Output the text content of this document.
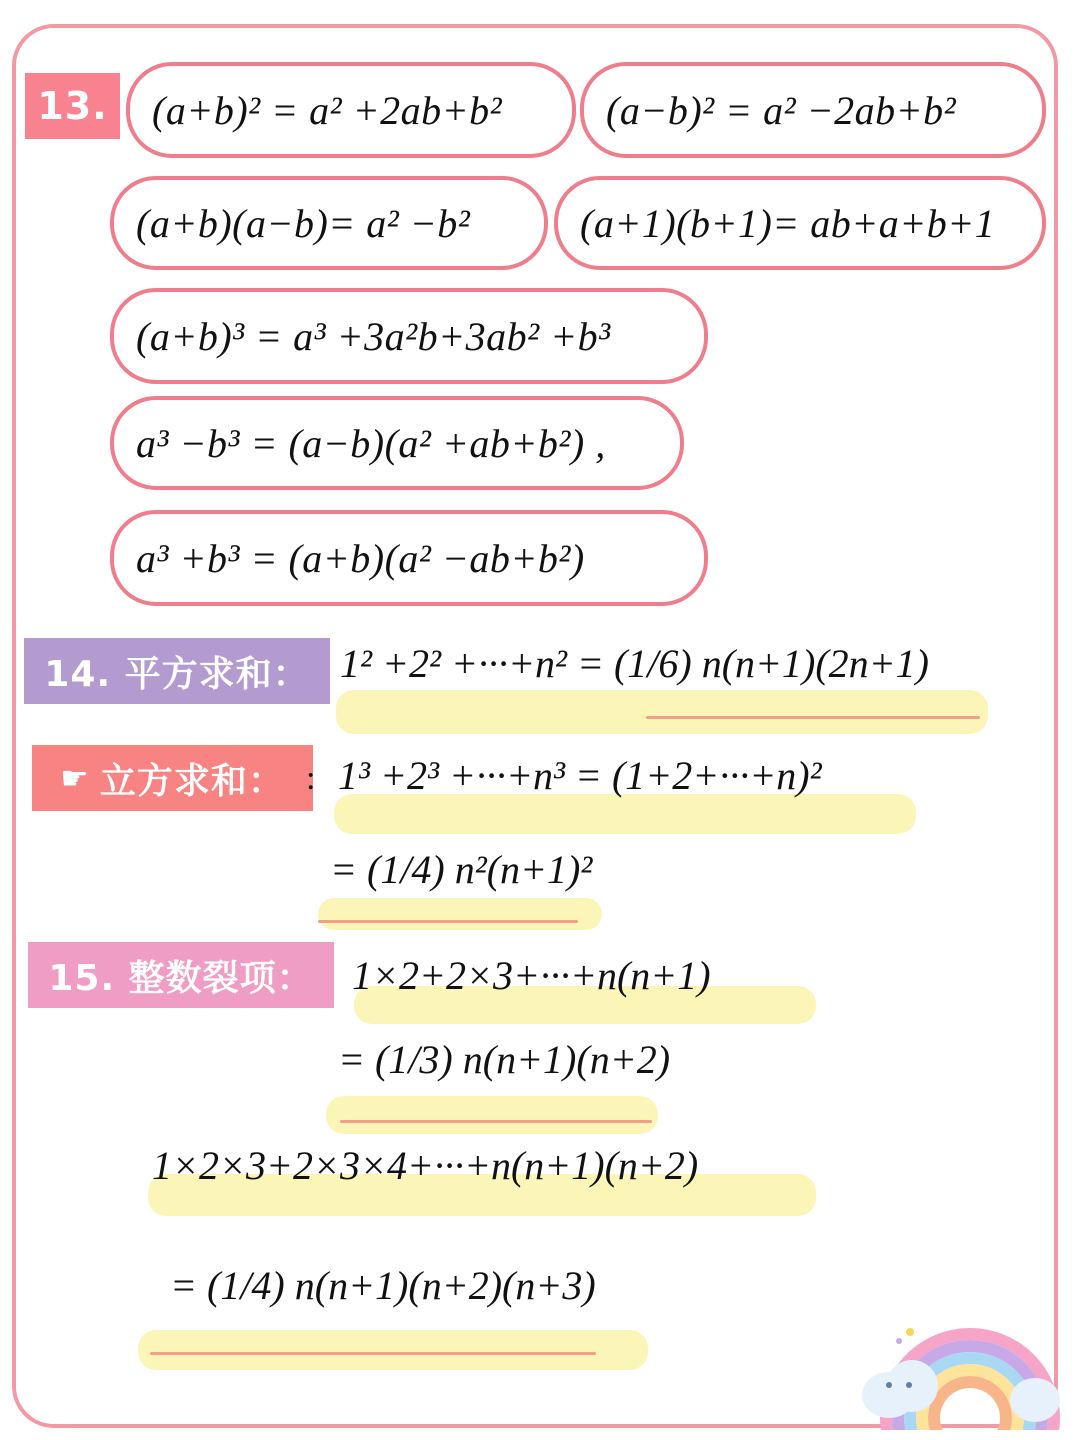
13.	(a+b)² = a² +2ab+b²	(a−b)² = a² −2ab+b²
(a+b)(a−b)= a² −b²	(a+1)(b+1)= ab+a+b+1
(a+b)³ = a³ +3a²b+3ab² +b³
a³ −b³ = (a−b)(a² +ab+b²) ,
a³ +b³ = (a+b)(a² −ab+b²)
14. 平方求和： 1² +2² +···+n² = (1/6) n(n+1)(2n+1)
☛ 立方求和： : 1³ +2³ +···+n³ = (1+2+···+n)²
= (1/4) n²(n+1)²
15. 整数裂项： 1×2+2×3+···+n(n+1)
= (1/3) n(n+1)(n+2)
1×2×3+2×3×4+···+n(n+1)(n+2)
= (1/4) n(n+1)(n+2)(n+3)
